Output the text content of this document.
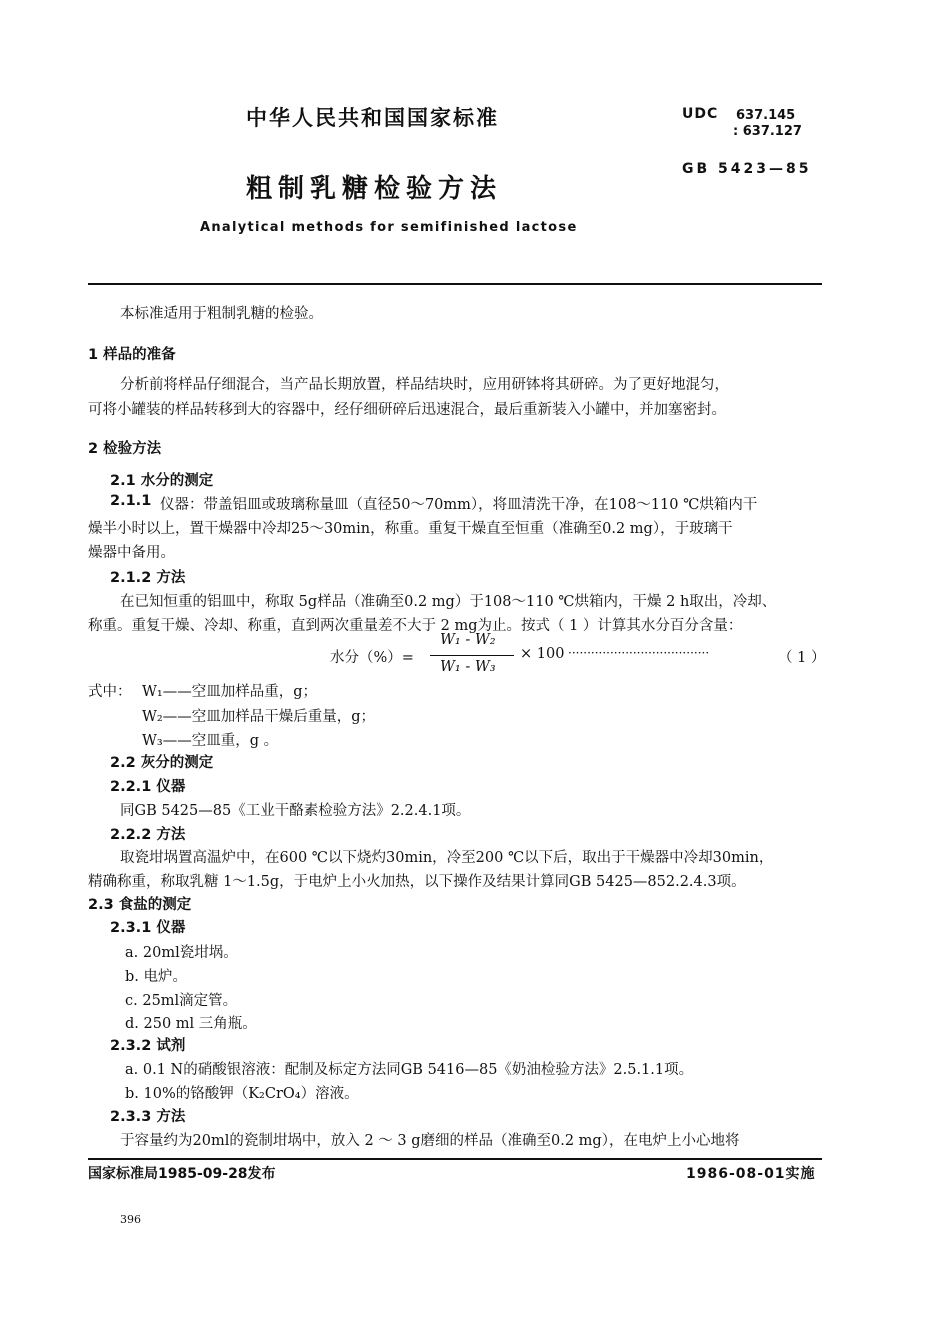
中华人民共和国国家标准	UDC 637.145
: 637.127
GB 5423—85
粗制乳糖检验方法
Analytical methods for semifinished lactose
本标准适用于粗制乳糖的检验。
1 样品的准备
分析前将样品仔细混合，当产品长期放置，样品结块时，应用研钵将其研碎。为了更好地混匀，
可将小罐装的样品转移到大的容器中，经仔细研碎后迅速混合，最后重新装入小罐中，并加塞密封。
2 检验方法
2.1 水分的测定
2.1.1 仪器：带盖铝皿或玻璃称量皿（直径50～70mm），将皿清洗干净，在108～110 ℃烘箱内干
燥半小时以上，置干燥器中冷却25～30min，称重。重复干燥直至恒重（准确至0.2 mg），于玻璃干
燥器中备用。
2.1.2 方法
在已知恒重的铝皿中，称取 5g样品（准确至0.2 mg）于108～110 ℃烘箱内，干燥 2 h取出，冷却、
称重。重复干燥、冷却、称重，直到两次重量差不大于 2 mg为止。按式（ 1 ）计算其水分百分含量：
水分（%）=
W₁ - W₂
W₁ - W₃
× 100 ·····································	（ 1 ）
式中： W₁——空皿加样品重，g；
W₂——空皿加样品干燥后重量，g；
W₃——空皿重，g 。
2.2 灰分的测定
2.2.1 仪器
同GB 5425—85《工业干酪素检验方法》2.2.4.1项。
2.2.2 方法
取瓷坩埚置高温炉中，在600 ℃以下烧灼30min，冷至200 ℃以下后，取出于干燥器中冷却30min，
精确称重，称取乳糖 1～1.5g，于电炉上小火加热，以下操作及结果计算同GB 5425—852.2.4.3项。
2.3 食盐的测定
2.3.1 仪器
a. 20ml瓷坩埚。
b. 电炉。
c. 25ml滴定管。
d. 250 ml 三角瓶。
2.3.2 试剂
a. 0.1 N的硝酸银溶液：配制及标定方法同GB 5416—85《奶油检验方法》2.5.1.1项。
b. 10%的铬酸钾（K₂CrO₄）溶液。
2.3.3 方法
于容量约为20ml的瓷制坩埚中，放入 2 ～ 3 g磨细的样品（准确至0.2 mg），在电炉上小心地将
国家标准局1985-09-28发布	1986-08-01实施
396
